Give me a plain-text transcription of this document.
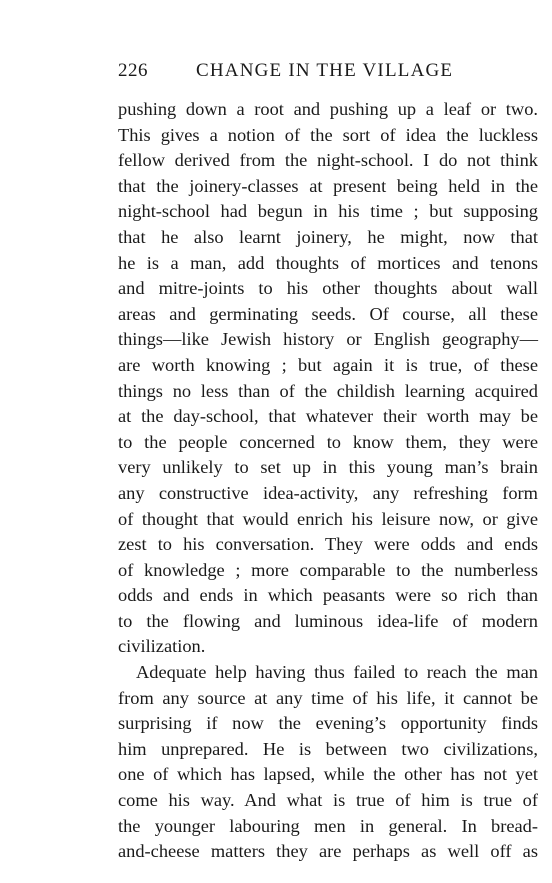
226	CHANGE IN THE VILLAGE
pushing down a root and pushing up a leaf or two.
This gives a notion of the sort of idea the luckless
fellow derived from the night-school. I do not think
that the joinery-classes at present being held in the
night-school had begun in his time ; but supposing
that he also learnt joinery, he might, now that
he is a man, add thoughts of mortices and tenons
and mitre-joints to his other thoughts about wall
areas and germinating seeds. Of course, all these
things—like Jewish history or English geography—
are worth knowing ; but again it is true, of these
things no less than of the childish learning acquired
at the day-school, that whatever their worth may be
to the people concerned to know them, they were
very unlikely to set up in this young man’s brain
any constructive idea-activity, any refreshing form
of thought that would enrich his leisure now, or give
zest to his conversation. They were odds and ends
of knowledge ; more comparable to the numberless
odds and ends in which peasants were so rich than
to the flowing and luminous idea-life of modern
civilization.
Adequate help having thus failed to reach the man
from any source at any time of his life, it cannot be
surprising if now the evening’s opportunity finds
him unprepared. He is between two civilizations,
one of which has lapsed, while the other has not yet
come his way. And what is true of him is true of
the younger labouring men in general. In bread-
and-cheese matters they are perhaps as well off as
